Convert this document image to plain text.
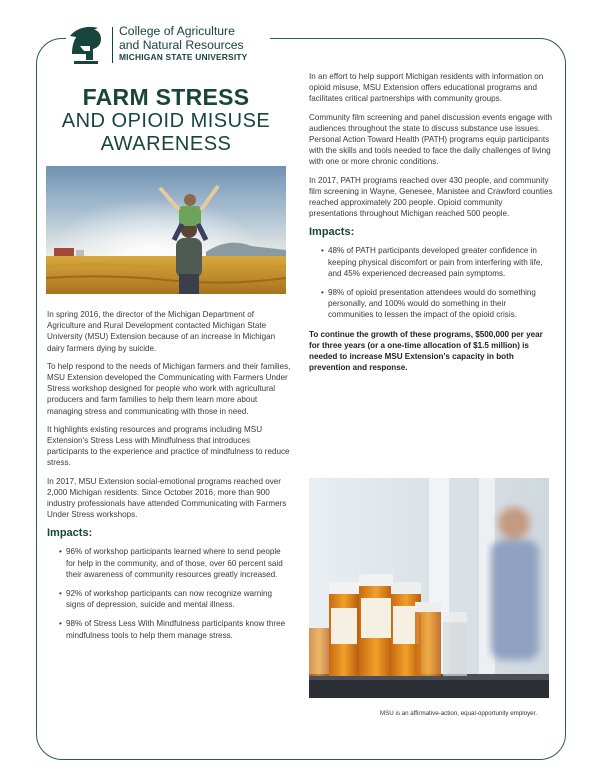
College of Agriculture
and Natural Resources
MICHIGAN STATE UNIVERSITY
FARM STRESS
AND OPIOID MISUSE
AWARENESS

In spring 2016, the director of the Michigan Department of Agriculture and Rural Development contacted Michigan State University (MSU) Extension because of an increase in Michigan dairy farmers dying by suicide.

To help respond to the needs of Michigan farmers and their families, MSU Extension developed the Communicating with Farmers Under Stress workshop designed for people who work with agricultural producers and farm families to help them learn more about managing stress and communicating with those in need.

It highlights existing resources and programs including MSU Extension's Stress Less with Mindfulness that introduces participants to the experience and practice of mindfulness to reduce stress.

In 2017, MSU Extension social-emotional programs reached over 2,000 Michigan residents. Since October 2016, more than 900 industry professionals have attended Communicating with Farmers Under Stress workshops.

Impacts:
• 96% of workshop participants learned where to send people for help in the community, and of those, over 60 percent said their awareness of community resources greatly increased.
• 92% of workshop participants can now recognize warning signs of depression, suicide and mental illness.
• 98% of Stress Less With Mindfulness participants know three mindfulness tools to help them manage stress.

In an effort to help support Michigan residents with information on opioid misuse, MSU Extension offers educational programs and facilitates critical partnerships with community groups.

Community film screening and panel discussion events engage with audiences throughout the state to discuss substance use issues. Personal Action Toward Health (PATH) programs equip participants with the skills and tools needed to face the daily challenges of living with one or more chronic conditions.

In 2017, PATH programs reached over 430 people, and community film screening in Wayne, Genesee, Manistee and Crawford counties reached approximately 200 people. Opioid community presentations throughout Michigan reached 500 people.

Impacts:
• 48% of PATH participants developed greater confidence in keeping physical discomfort or pain from interfering with life, and 45% experienced decreased pain symptoms.
• 98% of opioid presentation attendees would do something personally, and 100% would do something in their communities to lessen the impact of the opioid crisis.

To continue the growth of these programs, $500,000 per year for three years (or a one-time allocation of $1.5 million) is needed to increase MSU Extension's capacity in both prevention and response.

MSU is an affirmative-action, equal-opportunity employer.
